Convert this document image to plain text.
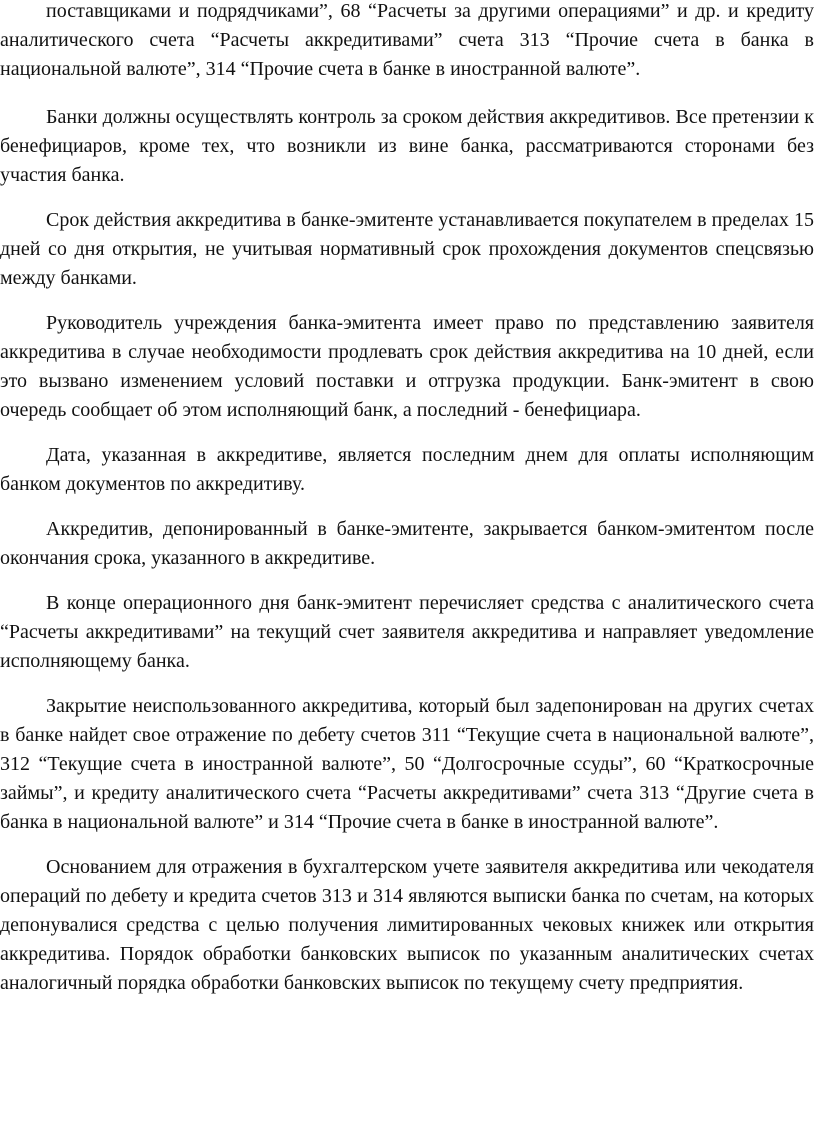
поставщиками и подрядчиками”, 68 “Расчеты за другими операциями” и др. и кредиту аналитического счета “Расчеты аккредитивами” счета 313 “Прочие счета в банка в национальной валюте”, 314 “Прочие счета в банке в иностранной валюте”.

Банки должны осуществлять контроль за сроком действия аккредитивов. Все претензии к бенефициаров, кроме тех, что возникли из вине банка, рассматриваются сторонами без участия банка.

Срок действия аккредитива в банке-эмитенте устанавливается покупателем в пределах 15 дней со дня открытия, не учитывая нормативный срок прохождения документов спецсвязью между банками.

Руководитель учреждения банка-эмитента имеет право по представлению заявителя аккредитива в случае необходимости продлевать срок действия аккредитива на 10 дней, если это вызвано изменением условий поставки и отгрузка продукции. Банк-эмитент в свою очередь сообщает об этом исполняющий банк, а последний - бенефициара.

Дата, указанная в аккредитиве, является последним днем для оплаты исполняющим банком документов по аккредитиву.

Аккредитив, депонированный в банке-эмитенте, закрывается банком-эмитентом после окончания срока, указанного в аккредитиве.

В конце операционного дня банк-эмитент перечисляет средства с аналитического счета “Расчеты аккредитивами” на текущий счет заявителя аккредитива и направляет уведомление исполняющему банка.

Закрытие неиспользованного аккредитива, который был задепонирован на других счетах в банке найдет свое отражение по дебету счетов 311 “Текущие счета в национальной валюте”, 312 “Текущие счета в иностранной валюте”, 50 “Долгосрочные ссуды”, 60 “Краткосрочные займы”, и кредиту аналитического счета “Расчеты аккредитивами” счета 313 “Другие счета в банка в национальной валюте” и 314 “Прочие счета в банке в иностранной валюте”.

Основанием для отражения в бухгалтерском учете заявителя аккредитива или чекодателя операций по дебету и кредита счетов 313 и 314 являются выписки банка по счетам, на которых депонувалися средства с целью получения лимитированных чековых книжек или открытия аккредитива. Порядок обработки банковских выписок по указанным аналитических счетах аналогичный порядка обработки банковских выписок по текущему счету предприятия.
